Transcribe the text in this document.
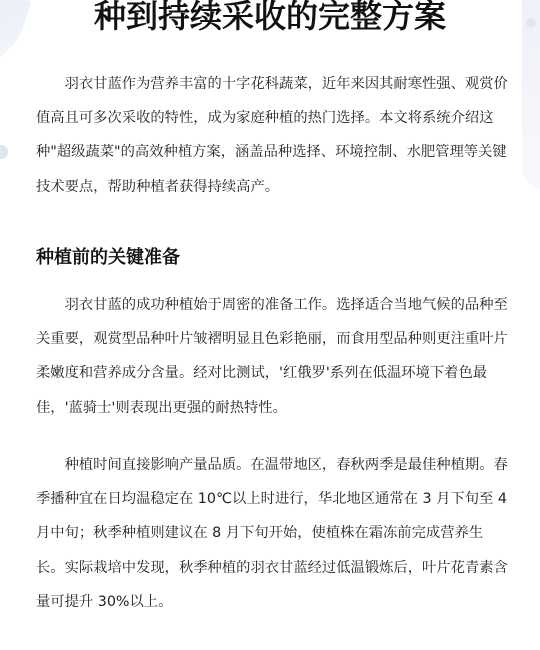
种到持续采收的完整方案

羽衣甘蓝作为营养丰富的十字花科蔬菜，近年来因其耐寒性强、观赏价值高且可多次采收的特性，成为家庭种植的热门选择。本文将系统介绍这种"超级蔬菜"的高效种植方案，涵盖品种选择、环境控制、水肥管理等关键技术要点，帮助种植者获得持续高产。

种植前的关键准备

羽衣甘蓝的成功种植始于周密的准备工作。选择适合当地气候的品种至关重要，观赏型品种叶片皱褶明显且色彩艳丽，而食用型品种则更注重叶片柔嫩度和营养成分含量。经对比测试，'红俄罗'系列在低温环境下着色最佳，'蓝骑士'则表现出更强的耐热特性。

种植时间直接影响产量品质。在温带地区，春秋两季是最佳种植期。春季播种宜在日均温稳定在 10℃以上时进行，华北地区通常在 3 月下旬至 4 月中旬；秋季种植则建议在 8 月下旬开始，使植株在霜冻前完成营养生长。实际栽培中发现，秋季种植的羽衣甘蓝经过低温锻炼后，叶片花青素含量可提升 30%以上。
